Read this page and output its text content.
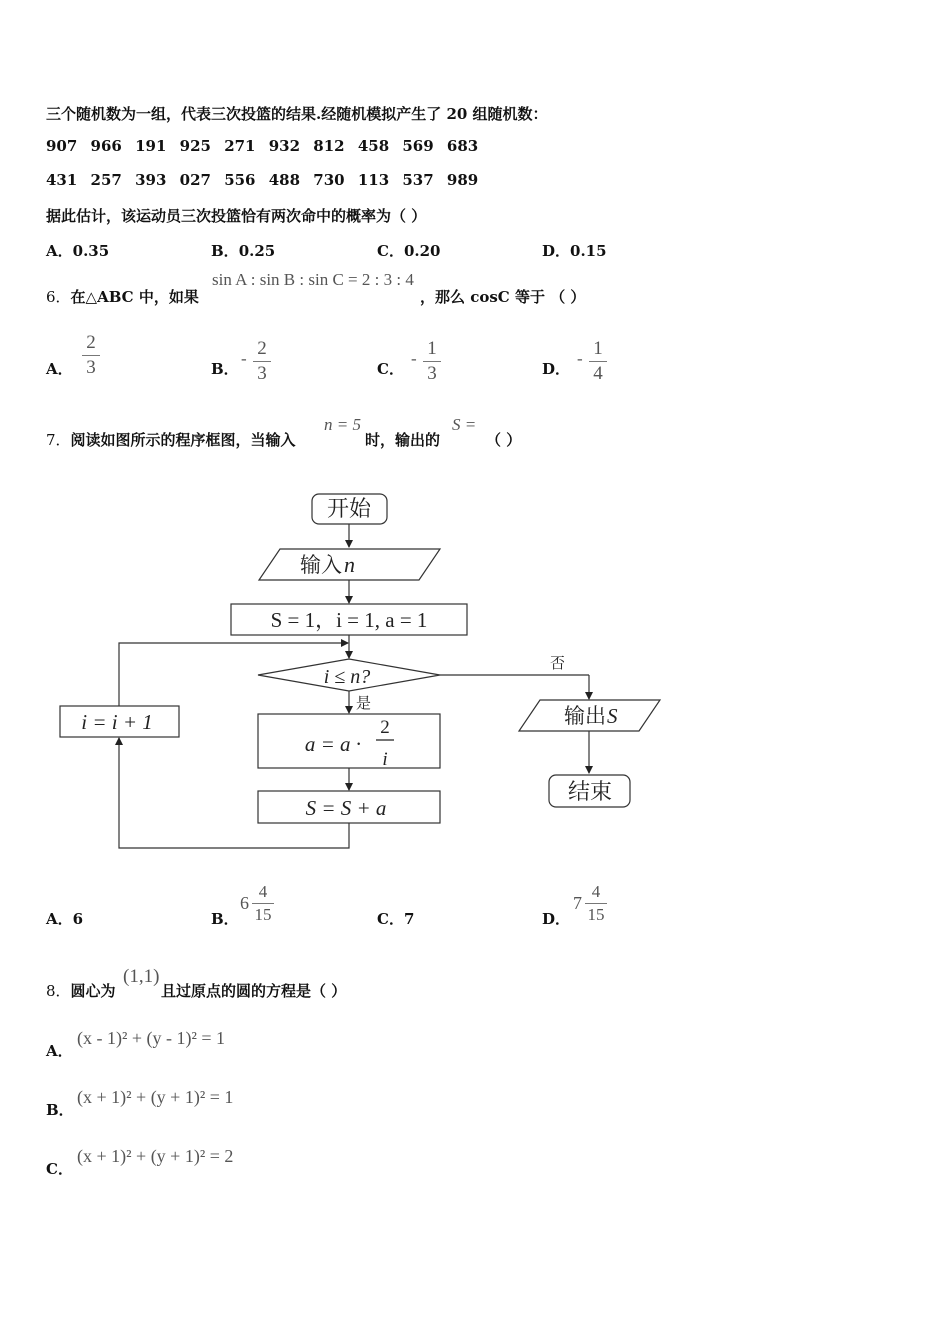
三个随机数为一组，代表三次投篮的结果.经随机模拟产生了 20 组随机数：
907 966 191 925 271 932 812 458 569 683
431 257 393 027 556 488 730 113 537 989
据此估计，该运动员三次投篮恰有两次命中的概率为（ ）
A．0.35	B．0.25	C．0.20	D．0.15
6．在△ABC 中，如果
sin A : sin B : sin C = 2 : 3 : 4
，那么 cosC 等于 （ ）
A．
2
3	B．
- 2
3	C．
- 1
3	D．
- 1
4
7．阅读如图所示的程序框图，当输入
n = 5
时，输出的
S =
（ ）
开始
输入 n
S = 1，i = 1, a = 1
i ≤ n?
是
否
a = a ·
2
i
S = S + a
i = i + 1	输出 S
结束
A．6	B．
6
4
15	C．7	D．
7
4
15
8．圆心为
(1,1)
且过原点的圆的方程是（ ）
A．
(x - 1)² + (y - 1)² = 1
B．
(x + 1)² + (y + 1)² = 1
C．
(x + 1)² + (y + 1)² = 2
